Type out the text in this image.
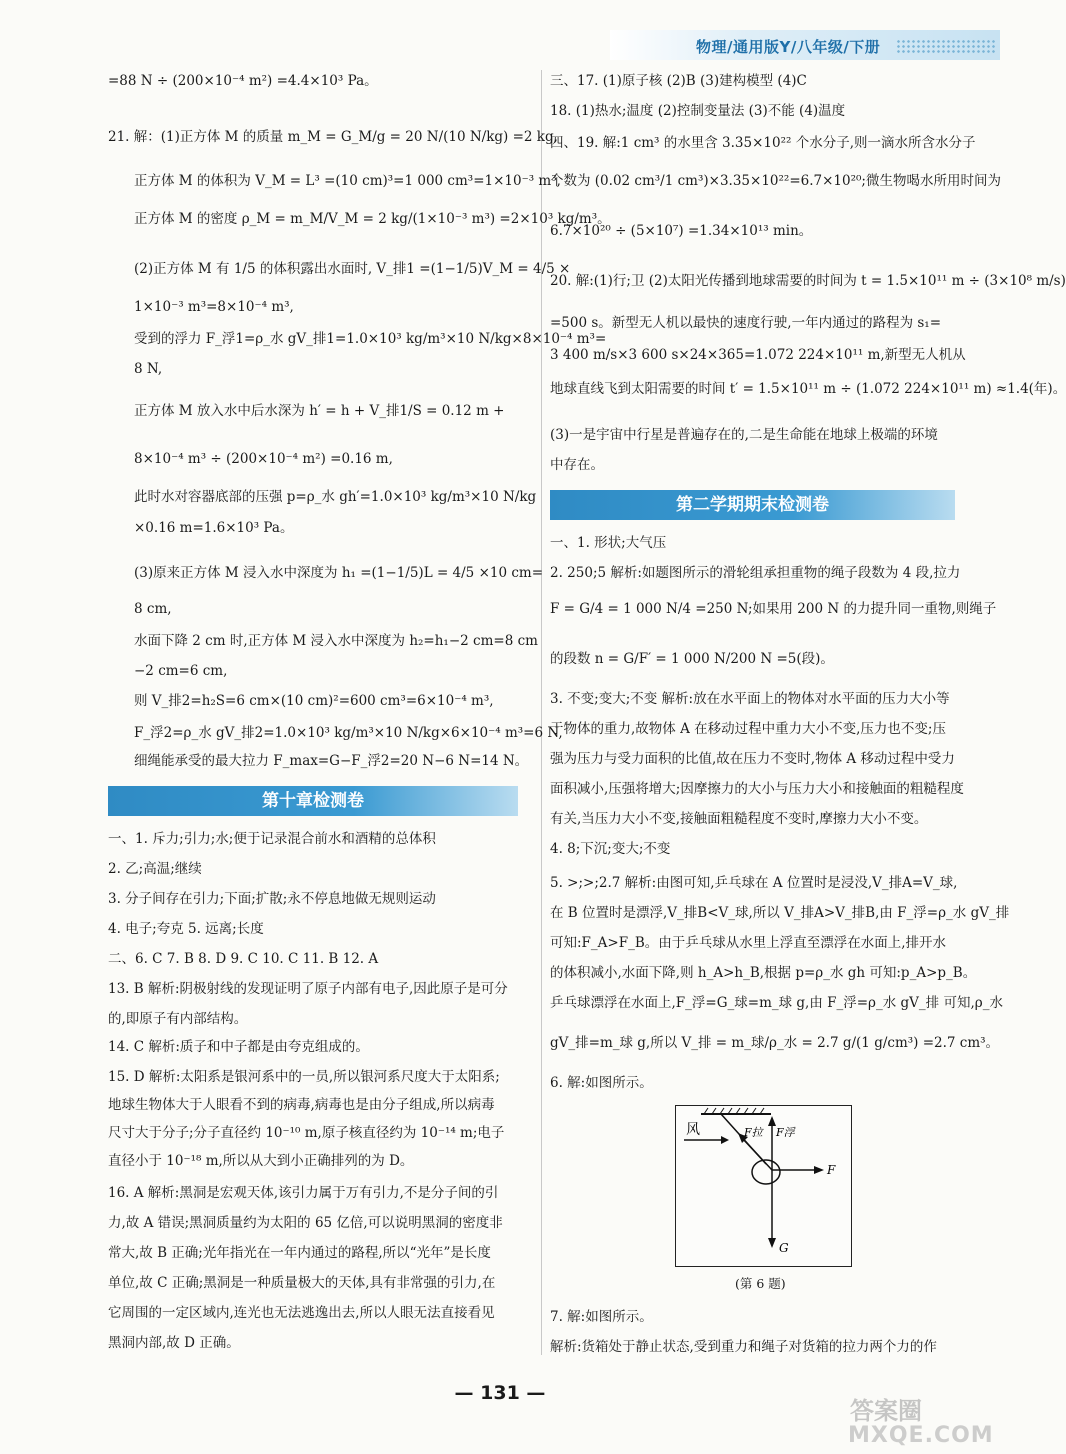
物理/通用版Y/八年级/下册
=88 N ÷ (200×10⁻⁴ m²) =4.4×10³ Pa。
21. 解：(1)正方体 M 的质量 m_M = G_M/g = 20 N/(10 N/kg) =2 kg,
正方体 M 的体积为 V_M = L³ =(10 cm)³=1 000 cm³=1×10⁻³ m³,
正方体 M 的密度 ρ_M = m_M/V_M = 2 kg/(1×10⁻³ m³) =2×10³ kg/m³。
(2)正方体 M 有 1/5 的体积露出水面时, V_排1 =(1−1/5)V_M = 4/5 ×
1×10⁻³ m³=8×10⁻⁴ m³,
受到的浮力 F_浮1=ρ_水 gV_排1=1.0×10³ kg/m³×10 N/kg×8×10⁻⁴ m³=
8 N,
正方体 M 放入水中后水深为 h′ = h + V_排1/S = 0.12 m +
8×10⁻⁴ m³ ÷ (200×10⁻⁴ m²) =0.16 m,
此时水对容器底部的压强 p=ρ_水 gh′=1.0×10³ kg/m³×10 N/kg
×0.16 m=1.6×10³ Pa。
(3)原来正方体 M 浸入水中深度为 h₁ =(1−1/5)L = 4/5 ×10 cm=
8 cm,
水面下降 2 cm 时,正方体 M 浸入水中深度为 h₂=h₁−2 cm=8 cm
−2 cm=6 cm,
则 V_排2=h₂S=6 cm×(10 cm)²=600 cm³=6×10⁻⁴ m³,
F_浮2=ρ_水 gV_排2=1.0×10³ kg/m³×10 N/kg×6×10⁻⁴ m³=6 N,
细绳能承受的最大拉力 F_max=G−F_浮2=20 N−6 N=14 N。
第十章检测卷
一、1. 斥力;引力;水;便于记录混合前水和酒精的总体积
2. 乙;高温;继续
3. 分子间存在引力;下面;扩散;永不停息地做无规则运动
4. 电子;夸克 5. 远离;长度
二、6. C 7. B 8. D 9. C 10. C 11. B 12. A
13. B 解析:阴极射线的发现证明了原子内部有电子,因此原子是可分
的,即原子有内部结构。
14. C 解析:质子和中子都是由夸克组成的。
15. D 解析:太阳系是银河系中的一员,所以银河系尺度大于太阳系;
地球生物体大于人眼看不到的病毒,病毒也是由分子组成,所以病毒
尺寸大于分子;分子直径约 10⁻¹⁰ m,原子核直径约为 10⁻¹⁴ m;电子
直径小于 10⁻¹⁸ m,所以从大到小正确排列的为 D。
16. A 解析:黑洞是宏观天体,该引力属于万有引力,不是分子间的引
力,故 A 错误;黑洞质量约为太阳的 65 亿倍,可以说明黑洞的密度非
常大,故 B 正确;光年指光在一年内通过的路程,所以“光年”是长度
单位,故 C 正确;黑洞是一种质量极大的天体,具有非常强的引力,在
它周围的一定区域内,连光也无法逃逸出去,所以人眼无法直接看见
黑洞内部,故 D 正确。
三、17. (1)原子核 (2)B (3)建构模型 (4)C
18. (1)热水;温度 (2)控制变量法 (3)不能 (4)温度
四、19. 解:1 cm³ 的水里含 3.35×10²² 个水分子,则一滴水所含水分子
个数为 (0.02 cm³/1 cm³)×3.35×10²²=6.7×10²⁰;微生物喝水所用时间为
6.7×10²⁰ ÷ (5×10⁷) =1.34×10¹³ min。
20. 解:(1)行;卫 (2)太阳光传播到地球需要的时间为 t = 1.5×10¹¹ m ÷ (3×10⁸ m/s)
=500 s。新型无人机以最快的速度行驶,一年内通过的路程为 s₁=
3 400 m/s×3 600 s×24×365=1.072 224×10¹¹ m,新型无人机从
地球直线飞到太阳需要的时间 t′ = 1.5×10¹¹ m ÷ (1.072 224×10¹¹ m) ≈1.4(年)。
(3)一是宇宙中行星是普遍存在的,二是生命能在地球上极端的环境
中存在。
第二学期期末检测卷
一、1. 形状;大气压
2. 250;5 解析:如题图所示的滑轮组承担重物的绳子段数为 4 段,拉力
F = G/4 = 1 000 N/4 =250 N;如果用 200 N 的力提升同一重物,则绳子
的段数 n = G/F′ = 1 000 N/200 N =5(段)。
3. 不变;变大;不变 解析:放在水平面上的物体对水平面的压力大小等
于物体的重力,故物体 A 在移动过程中重力大小不变,压力也不变;压
强为压力与受力面积的比值,故在压力不变时,物体 A 移动过程中受力
面积减小,压强将增大;因摩擦力的大小与压力大小和接触面的粗糙程度
有关,当压力大小不变,接触面粗糙程度不变时,摩擦力大小不变。
4. 8;下沉;变大;不变
5. >;>;2.7 解析:由图可知,乒乓球在 A 位置时是浸没,V_排A=V_球,
在 B 位置时是漂浮,V_排B<V_球,所以 V_排A>V_排B,由 F_浮=ρ_水 gV_排
可知:F_A>F_B。由于乒乓球从水里上浮直至漂浮在水面上,排开水
的体积减小,水面下降,则 h_A>h_B,根据 p=ρ_水 gh 可知:p_A>p_B。
乒乓球漂浮在水面上,F_浮=G_球=m_球 g,由 F_浮=ρ_水 gV_排 可知,ρ_水
gV_排=m_球 g,所以 V_排 = m_球/ρ_水 = 2.7 g/(1 g/cm³) =2.7 cm³。
6. 解:如图所示。
风	F拉 F浮
F
G
(第 6 题)
7. 解:如图所示。
解析:货箱处于静止状态,受到重力和绳子对货箱的拉力两个力的作
— 131 —
答案圈
MXQE.COM
